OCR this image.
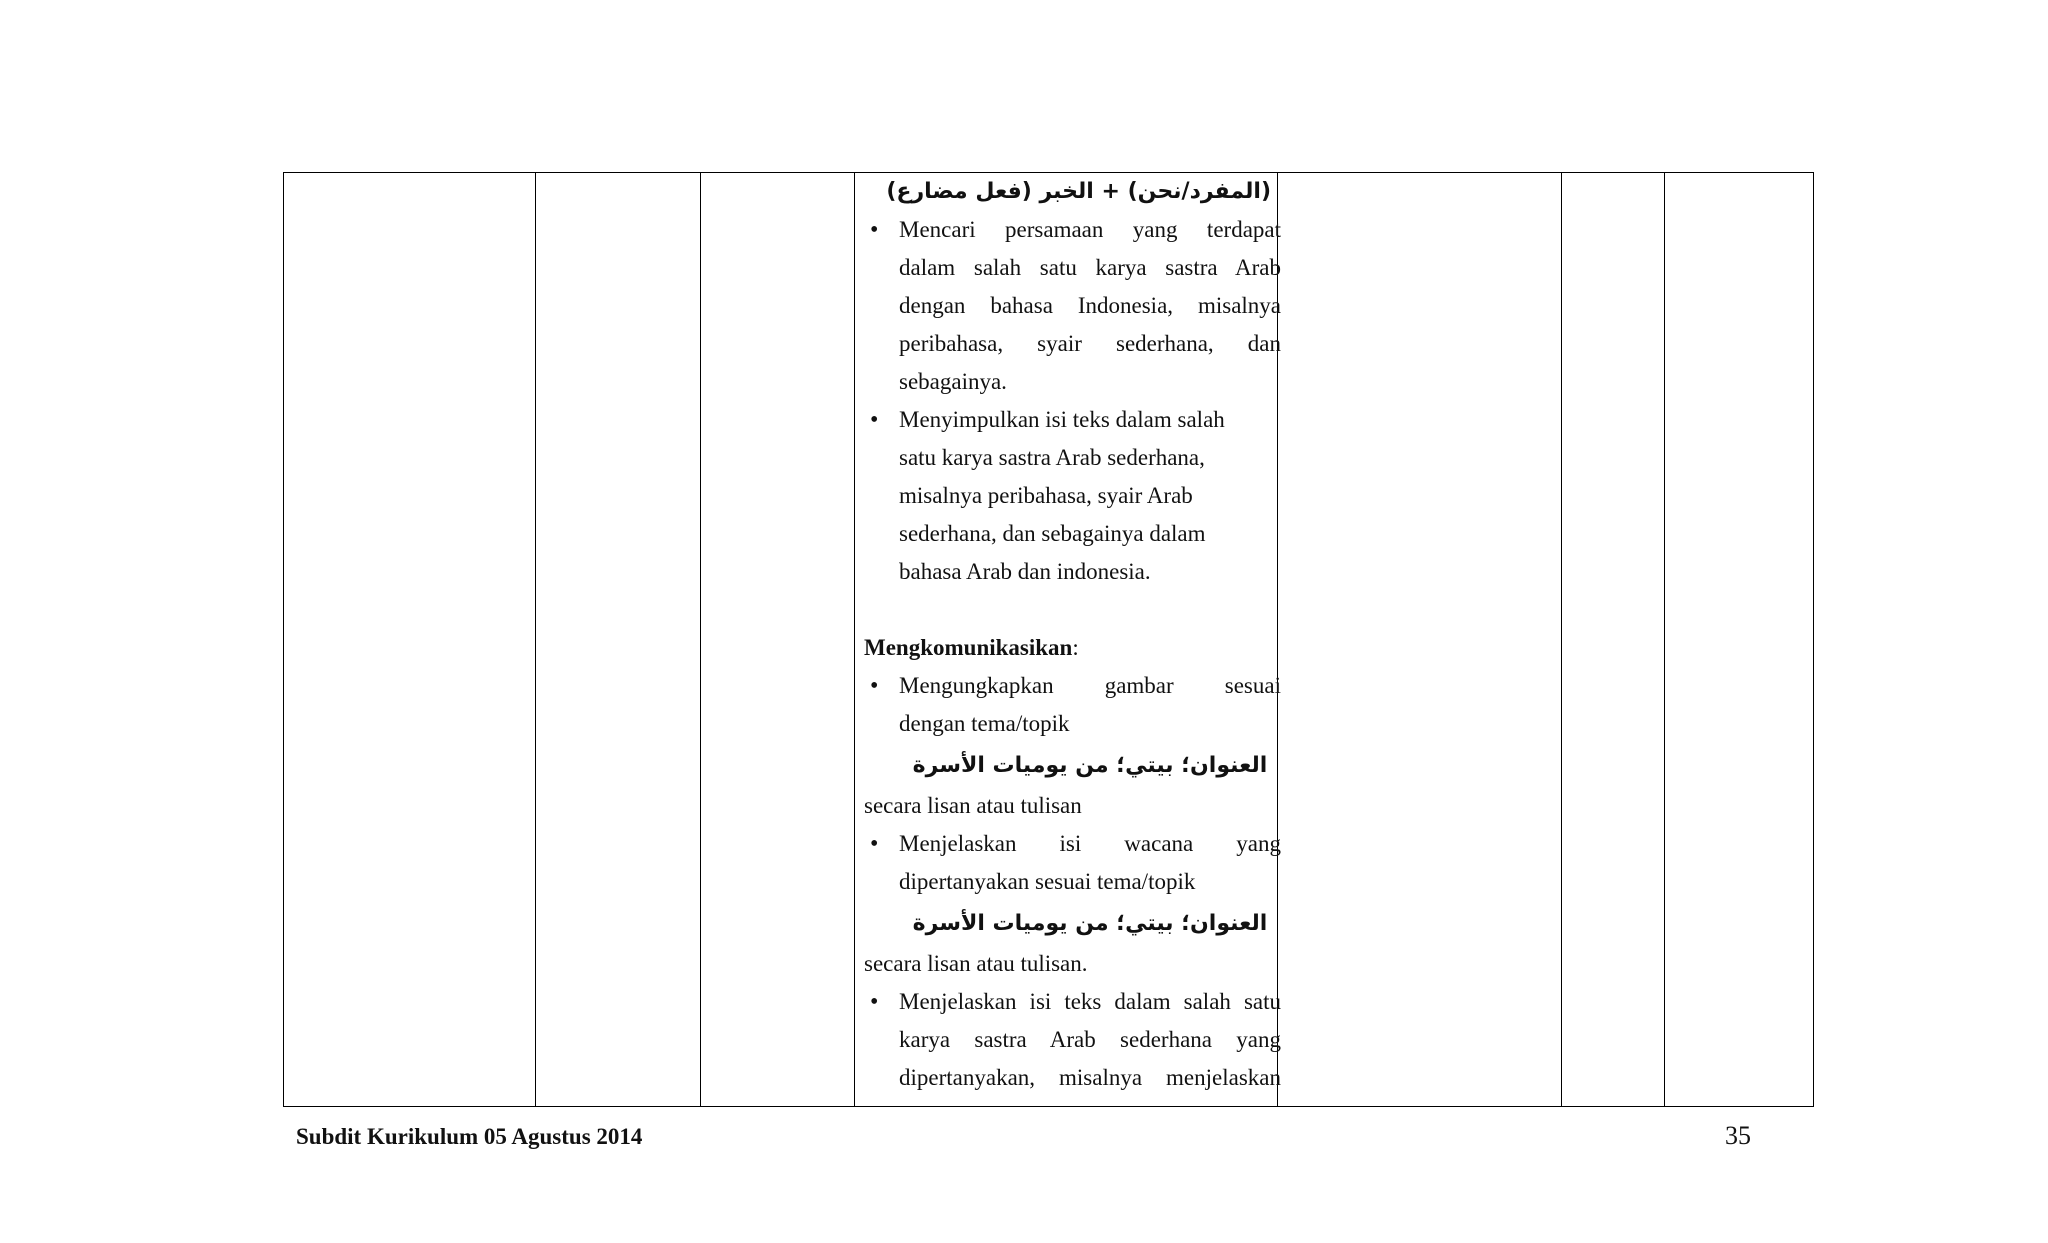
(المفرد/نحن) + الخبر (فعل مضارع)
• Mencari persamaan yang terdapat
dalam salah satu karya sastra Arab
dengan bahasa Indonesia, misalnya
peribahasa, syair sederhana, dan
sebagainya.
• Menyimpulkan isi teks dalam salah
satu karya sastra Arab sederhana,
misalnya peribahasa, syair Arab
sederhana, dan sebagainya dalam
bahasa Arab dan indonesia.
Mengkomunikasikan:
• Mengungkapkan gambar sesuai
dengan tema/topik
العنوان؛ بيتي؛ من يوميات الأسرة
secara lisan atau tulisan
• Menjelaskan isi wacana yang
dipertanyakan sesuai tema/topik
العنوان؛ بيتي؛ من يوميات الأسرة
secara lisan atau tulisan.
• Menjelaskan isi teks dalam salah satu
karya sastra Arab sederhana yang
dipertanyakan, misalnya menjelaskan
Subdit Kurikulum 05 Agustus 2014	35
